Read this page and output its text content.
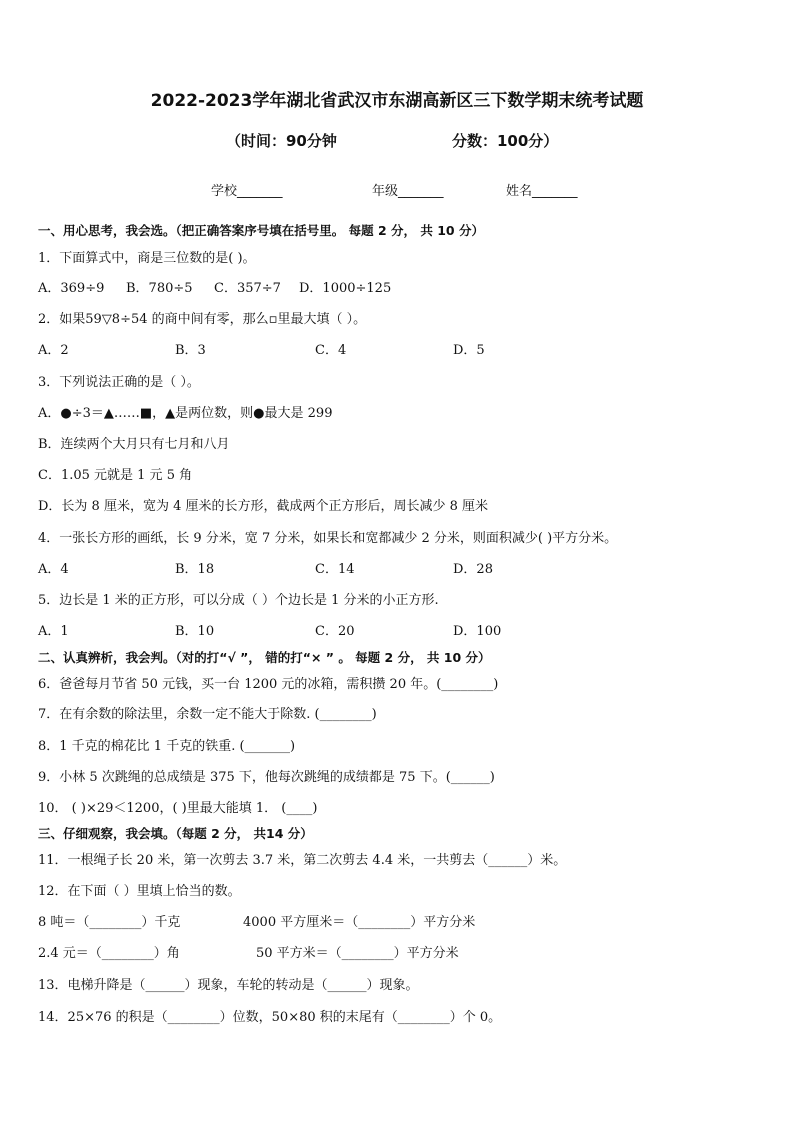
2022-2023学年湖北省武汉市东湖高新区三下数学期末统考试题
（时间：90分钟	分数：100分）
学校_______	年级_______	姓名_______
一、用心思考，我会选。（把正确答案序号填在括号里。 每题 2 分， 共 10 分）
1．下面算式中，商是三位数的是( )。
A．369÷9 B．780÷5 C．357÷7 D．1000÷125
2．如果59▽8÷54 的商中间有零，那么▫里最大填（ ）。
A．2	B．3	C．4	D．5
3．下列说法正确的是（ ）。
A．●÷3＝▲……■，▲是两位数，则●最大是 299
B．连续两个大月只有七月和八月
C．1.05 元就是 1 元 5 角
D．长为 8 厘米，宽为 4 厘米的长方形，截成两个正方形后，周长减少 8 厘米
4．一张长方形的画纸，长 9 分米，宽 7 分米，如果长和宽都减少 2 分米，则面积减少( )平方分米。
A．4	B．18	C．14	D．28
5．边长是 1 米的正方形，可以分成（ ）个边长是 1 分米的小正方形.
A．1	B．10	C．20	D．100
二、认真辨析，我会判。（对的打“√ ”， 错的打“× ” 。 每题 2 分， 共 10 分）
6．爸爸每月节省 50 元钱，买一台 1200 元的冰箱，需积攒 20 年。(________)
7．在有余数的除法里，余数一定不能大于除数. (________)
8．1 千克的棉花比 1 千克的铁重. (_______)
9．小林 5 次跳绳的总成绩是 375 下，他每次跳绳的成绩都是 75 下。(______)
10． ( )×29＜1200，( )里最大能填 1． (____)
三、仔细观察，我会填。（每题 2 分， 共14 分）
11．一根绳子长 20 米，第一次剪去 3.7 米，第二次剪去 4.4 米，一共剪去（______）米。
12．在下面（ ）里填上恰当的数。
8 吨＝（________）千克	4000 平方厘米＝（________）平方分米
2.4 元＝（________）角	50 平方米＝（________）平方分米
13．电梯升降是（______）现象，车轮的转动是（______）现象。
14．25×76 的积是（________）位数，50×80 积的末尾有（________）个 0。
